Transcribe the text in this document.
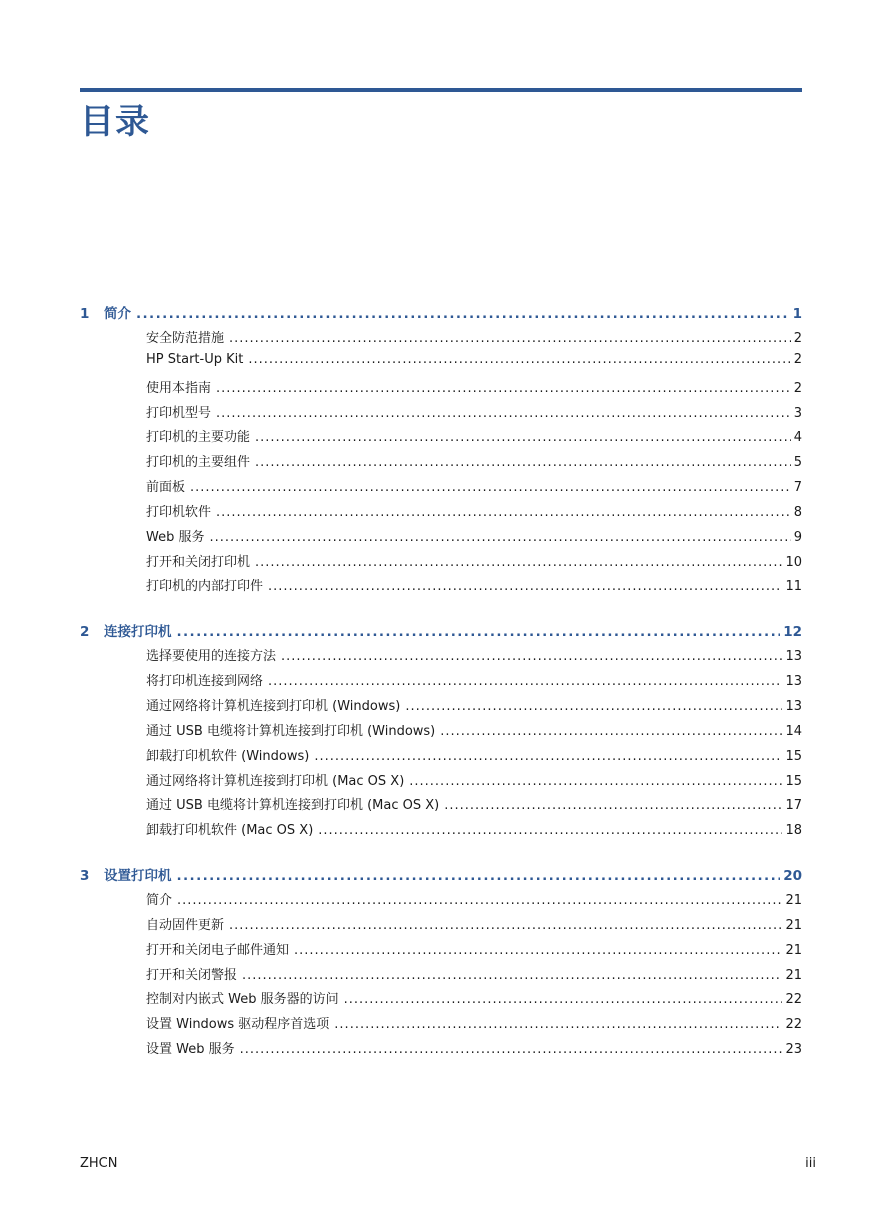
目录
1	简介 .....	1
安全防范措施 .....	2
HP Start-Up Kit .....	2
使用本指南 .....	2
打印机型号 .....	3
打印机的主要功能 .....	4
打印机的主要组件 .....	5
前面板 .....	7
打印机软件 .....	8
Web 服务 .....	9
打开和关闭打印机 .....	10
打印机的内部打印件 .....	11
2	连接打印机 .....	12
选择要使用的连接方法 .....	13
将打印机连接到网络 .....	13
通过网络将计算机连接到打印机 (Windows) .....	13
通过 USB 电缆将计算机连接到打印机 (Windows) .....	14
卸载打印机软件 (Windows) .....	15
通过网络将计算机连接到打印机 (Mac OS X) .....	15
通过 USB 电缆将计算机连接到打印机 (Mac OS X) .....	17
卸载打印机软件 (Mac OS X) .....	18
3	设置打印机 .....	20
简介 .....	21
自动固件更新 .....	21
打开和关闭电子邮件通知 .....	21
打开和关闭警报 .....	21
控制对内嵌式 Web 服务器的访问 .....	22
设置 Windows 驱动程序首选项 .....	22
设置 Web 服务 .....	23
ZHCN	iii
